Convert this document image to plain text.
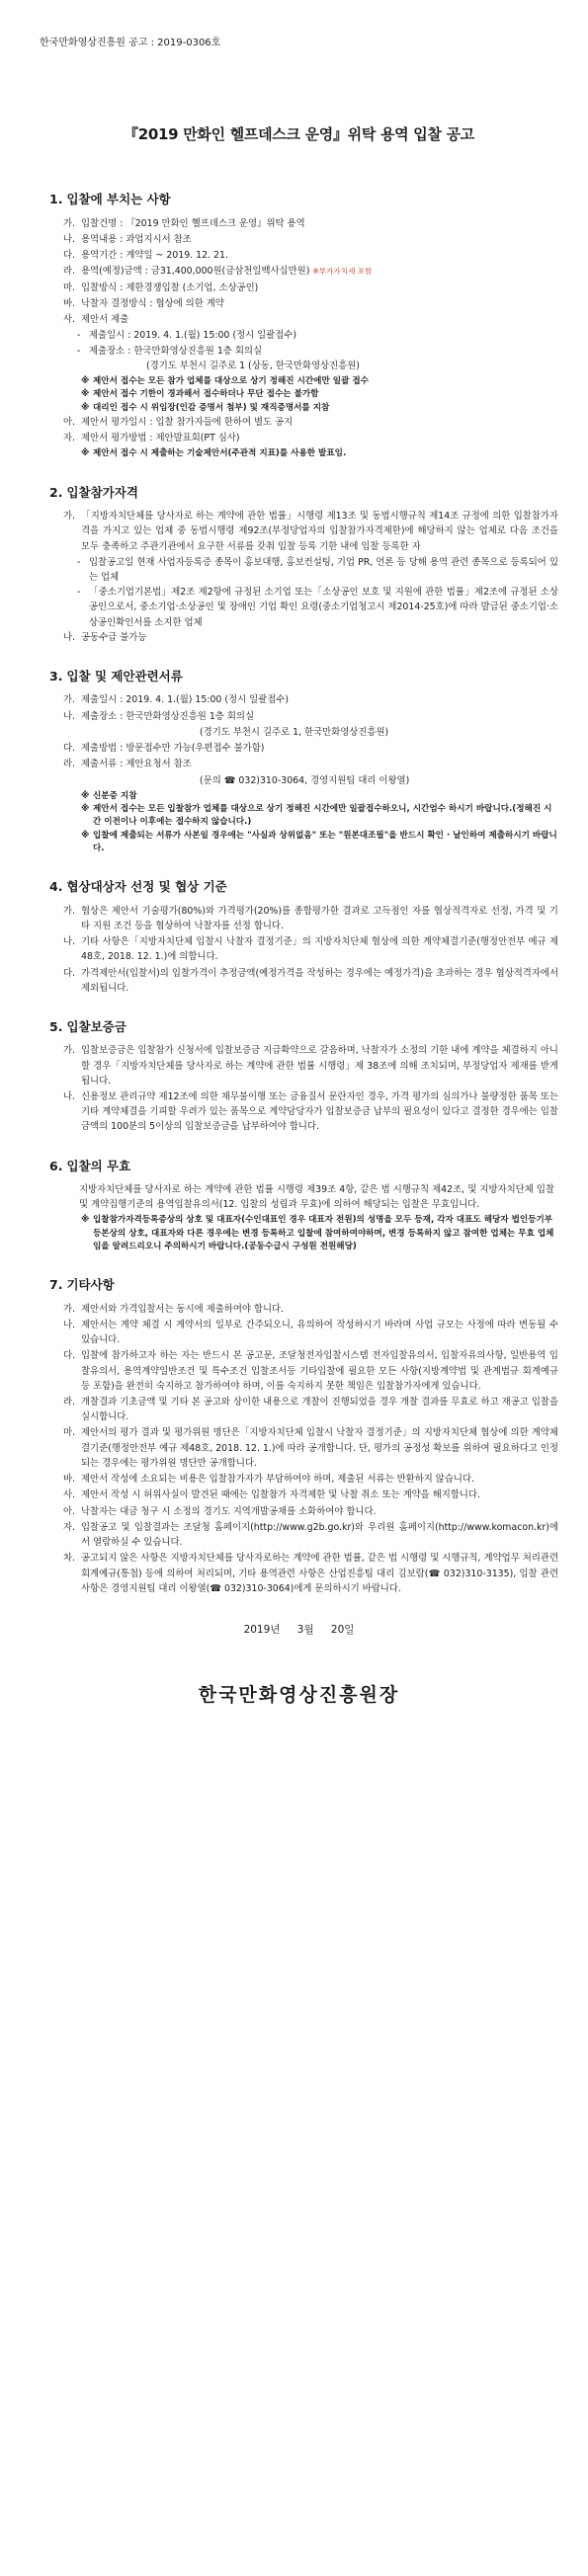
한국만화영상진흥원 공고 : 2019-0306호
『2019 만화인 헬프데스크 운영』위탁 용역 입찰 공고
1. 입찰에 부치는 사항
가. 입찰건명 : 『2019 만화인 헬프데스크 운영』위탁 용역
나. 용역내용 : 과업지시서 참조
다. 용역기간 : 계약일 ~ 2019. 12. 21.
라. 용역(예정)금액 : 금31,400,000원(금삼천일백사십만원) ※부가가치세 포함
마. 입찰방식 : 제한경쟁입찰 (소기업, 소상공인)
바. 낙찰자 결정방식 : 협상에 의한 계약
사. 제안서 제출
- 제출일시 : 2019. 4. 1.(월) 15:00 (정시 일괄접수)
- 제출장소 : 한국만화영상진흥원 1층 회의실
(경기도 부천시 길주로 1 (상동, 한국만화영상진흥원)
※ 제안서 접수는 모든 참가 업체를 대상으로 상기 정해진 시간에만 일괄 접수
※ 제안서 접수 기한이 경과해서 접수하더나 무단 접수는 불가함
※ 대리인 접수 시 위임장(인감 증명서 첨부) 및 재직증명서를 지참
아. 제안서 평가일시 : 입찰 참가자들에 한하여 별도 공지
자. 제안서 평가방법 : 제안발표회(PT 심사)
※ 제안서 접수 시 제출하는 기술제안서(주관적 지표)를 사용한 발표임.
2. 입찰참가자격
가. 「지방자치단체를 당사자로 하는 계약에 관한 법률」시행령 제13조 및 동법시행규칙 제14조 규정에 의한 입찰참가자격을 가지고 있는 업체 중 동법시행령 제92조(부정당업자의 입찰참가자격제한)에 해당하지 않는 업체로 다음 조건을 모두 충족하고 주관기관에서 요구한 서류를 갖춰 입찰 등록 기한 내에 입찰 등록한 자
- 입찰공고일 현재 사업자등록증 종목이 홍보대행, 홍보컨설팅, 기업 PR, 언론 등 당해 용역 관련 종목으로 등록되어 있는 업체
- 「중소기업기본법」제2조 제2항에 규정된 소기업 또는「소상공인 보호 및 지원에 관한 법률」제2조에 규정된 소상공인으로서, 중소기업·소상공인 및 장애인 기업 확인 요령(중소기업청고시 제2014-25호)에 따라 발급된 중소기업·소상공인확인서를 소지한 업체
나. 공동수급 불가능
3. 입찰 및 제안관련서류
가. 제출일시 : 2019. 4. 1.(월) 15:00 (정시 일괄접수)
나. 제출장소 : 한국만화영상진흥원 1층 회의실
(경기도 부천시 길주로 1, 한국만화영상진흥원)
다. 제출방법 : 방문접수만 가능(우편접수 불가함)
라. 제출서류 : 제안요청서 참조
(문의 ☎ 032)310-3064, 경영지원팀 대리 이왕열)
※ 신분증 지참
※ 제안서 접수는 모든 입찰참가 업체를 대상으로 상기 정해진 시간에만 일괄접수하오니, 시간엄수 하시기 바랍니다.(정해진 시간 이전이나 이후에는 접수하지 않습니다.)
※ 입찰에 제출되는 서류가 사본일 경우에는 "사실과 상위없음" 또는 "원본대조필"을 반드시 확인 · 날인하여 제출하시기 바랍니다.
4. 협상대상자 선정 및 협상 기준
가. 협상은 제안서 기술평가(80%)와 가격평가(20%)를 종합평가한 결과로 고득점인 자를 협상적격자로 선정, 가격 및 기타 지원 조건 등을 협상하여 낙찰자를 선정 합니다.
나. 기타 사항은「지방자치단체 입찰시 낙찰자 결정기준」의 지방자치단체 협상에 의한 계약체결기준(행정안전부 예규 제48호, 2018. 12. 1.)에 의합니다.
다. 가격제안서(입찰서)의 입찰가격이 추정금액(예정가격을 작성하는 경우에는 예정가격)을 초과하는 경우 협상적격자에서 제외됩니다.
5. 입찰보증금
가. 입찰보증금은 입찰참가 신청서에 입찰보증금 지급확약으로 갈음하며, 낙찰자가 소정의 기한 내에 계약을 체결하지 아니할 경우「지방자치단체를 당사자로 하는 계약에 관한 법률 시행령」제 38조에 의해 조치되며, 부정당업자 제재를 받게 됩니다.
나. 신용정보 관리규약 제12조에 의한 채무불이행 또는 금융질서 문란자인 경우, 가격 평가의 심의가나 불량정한 품목 또는 기타 계약체결을 기피할 우려가 있는 품목으로 계약담당자가 입찰보증금 납부의 필요성이 있다고 결정한 경우에는 입찰금액의 100분의 5이상의 입찰보증금을 납부하여야 합니다.
6. 입찰의 무효
지방자치단체를 당사자로 하는 계약에 관한 법률 시행령 제39조 4항, 같은 법 시행규칙 제42조, 및 지방자치단체 입찰 및 계약집행기준의 용역입찰유의서(12. 입찰의 성립과 무효)에 의하여 해당되는 입찰은 무효입니다.
※ 입찰참가자격등록증상의 상호 및 대표자(수인대표인 경우 대표자 전원)의 성명을 모두 등재, 각자 대표도 해당자 법인등기부등본상의 상호, 대표자와 다른 경우에는 변경 등록하고 입찰에 참여하여야하며, 변경 등록하지 않고 참여한 업체는 무효 업체임을 알려드리오니 주의하시기 바랍니다.(공동수급시 구성원 전원해당)
7. 기타사항
가. 제안서와 가격입찰서는 동시에 제출하여야 합니다.
나. 제안서는 계약 체결 시 계약서의 일부로 간주되오니, 유의하여 작성하시기 바라며 사업 규모는 사정에 따라 변동될 수 있습니다.
다. 입찰에 참가하고자 하는 자는 반드시 본 공고문, 조달청전자입찰시스템 전자입찰유의서, 입찰자유의사항, 일반용역 입찰유의서, 용역계약일반조건 및 특수조건 입찰조서등 기타입찰에 필요한 모든 사항(지방계약법 및 관계법규 회계예규 등 포함)을 완전히 숙지하고 참가하여야 하며, 이를 숙지하지 못한 책임은 입찰참가자에게 있습니다.
라. 개찰결과 기초금액 및 기타 본 공고와 상이한 내용으로 개찰이 진행되었을 경우 개찰 결과를 무효로 하고 재공고 입찰을 실시합니다.
마. 제안서의 평가 결과 및 평가위원 명단은「지방자치단체 입찰시 낙찰자 결정기준」의 지방자치단체 협상에 의한 계약체결기준(행정안전부 예규 제48호, 2018. 12. 1.)에 따라 공개합니다. 단, 평가의 공정성 확보를 위하여 필요하다고 인정되는 경우에는 평가위원 명단만 공개합니다.
바. 제안서 작성에 소요되는 비용은 입찰참가자가 부담하여야 하며, 제출된 서류는 반환하지 않습니다.
사. 제안서 작성 시 허위사실이 발견된 때에는 입찰참가 자격제한 및 낙찰 취소 또는 계약을 해지합니다.
아. 낙찰자는 대금 청구 시 소정의 경기도 지역개발공채를 소화하여야 합니다.
자. 입찰공고 및 입찰결과는 조달청 홈페이지(http://www.g2b.go.kr)와 우리원 홈페이지(http://www.komacon.kr)에서 열람하실 수 있습니다.
차. 공고되지 않은 사항은 지방자치단체를 당사자로하는 계약에 관한 법률, 같은 법 시행령 및 시행규칙, 계약업무 처리관련 회계예규(통첩) 등에 의하여 처리되며, 기타 용역관련 사항은 산업진흥팀 대리 김보람(☎ 032)310-3135), 입찰 관련 사항은 경영지원팀 대리 이왕열(☎ 032)310-3064)에게 문의하시기 바랍니다.
2019년 3월 20일
한국만화영상진흥원장
